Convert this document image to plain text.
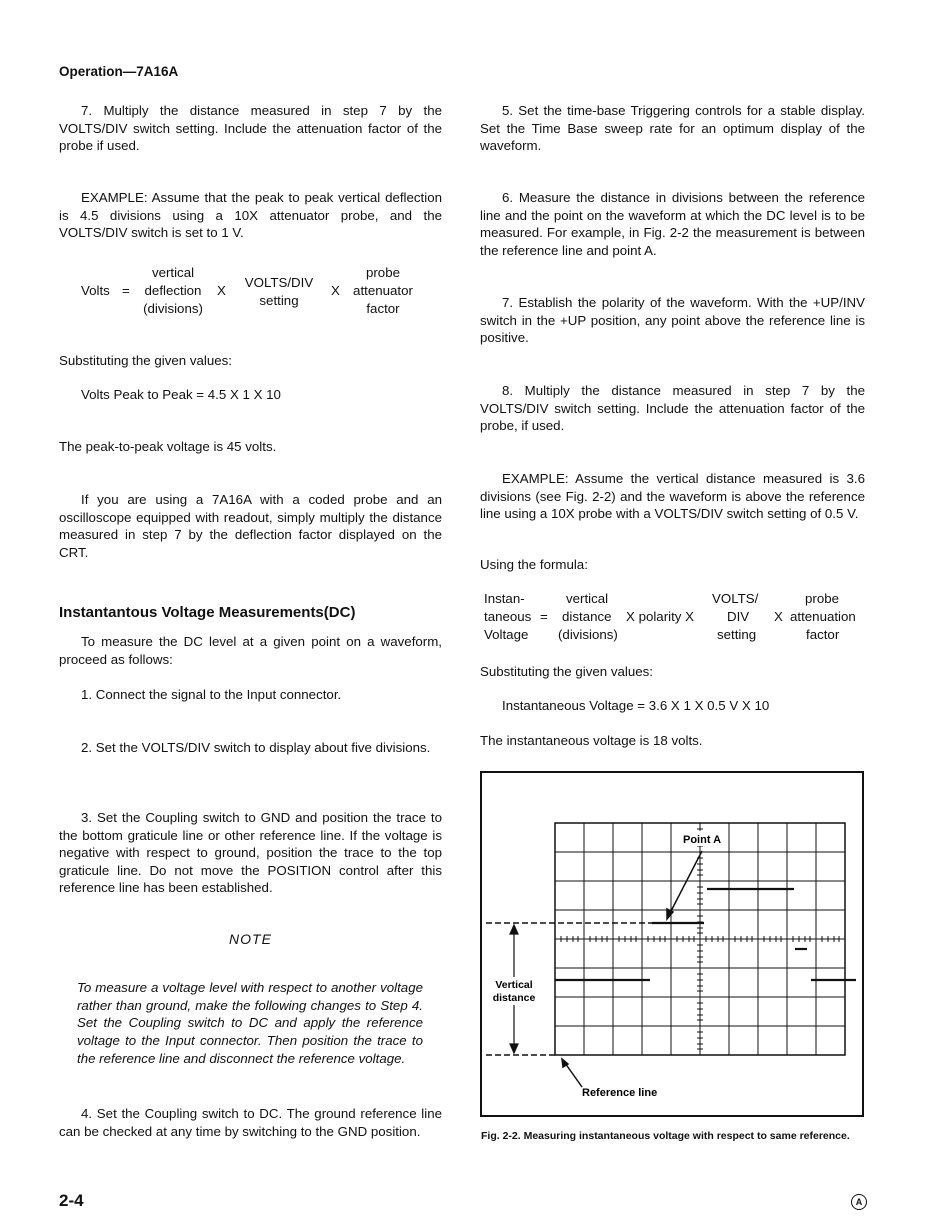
Operation—7A16A

7. Multiply the distance measured in step 7 by the VOLTS/DIV switch setting. Include the attenuation factor of the probe if used.

EXAMPLE: Assume that the peak to peak vertical deflection is 4.5 divisions using a 10X attenuator probe, and the VOLTS/DIV switch is set to 1 V.

Volts =
vertical
deflection
(divisions)
X
VOLTS/DIV
setting
X
probe
attenuator
factor

Substituting the given values:

Volts Peak to Peak = 4.5 X 1 X 10

The peak-to-peak voltage is 45 volts.

If you are using a 7A16A with a coded probe and an oscilloscope equipped with readout, simply multiply the distance measured in step 7 by the deflection factor displayed on the CRT.

Instantantous Voltage Measurements(DC)

To measure the DC level at a given point on a waveform, proceed as follows:

1. Connect the signal to the Input connector.

2. Set the VOLTS/DIV switch to display about five divisions.

3. Set the Coupling switch to GND and position the trace to the bottom graticule line or other reference line. If the voltage is negative with respect to ground, position the trace to the top graticule line. Do not move the POSITION control after this reference line has been established.

NOTE

To measure a voltage level with respect to another voltage rather than ground, make the following changes to Step 4. Set the Coupling switch to DC and apply the reference voltage to the Input connector. Then position the trace to the reference line and disconnect the reference voltage.

4. Set the Coupling switch to DC. The ground reference line can be checked at any time by switching to the GND position.

5. Set the time-base Triggering controls for a stable display. Set the Time Base sweep rate for an optimum display of the waveform.

6. Measure the distance in divisions between the reference line and the point on the waveform at which the DC level is to be measured. For example, in Fig. 2-2 the measurement is between the reference line and point A.

7. Establish the polarity of the waveform. With the +UP/INV switch in the +UP position, any point above the reference line is positive.

8. Multiply the distance measured in step 7 by the VOLTS/DIV switch setting. Include the attenuation factor of the probe, if used.

EXAMPLE: Assume the vertical distance measured is 3.6 divisions (see Fig. 2-2) and the waveform is above the reference line using a 10X probe with a VOLTS/DIV switch setting of 0.5 V.

Using the formula:

Instan-
taneous
Voltage
=
vertical
distance
(divisions)
X polarity X
VOLTS/
DIV
setting
X
probe
attenuation
factor

Substituting the given values:

Instantaneous Voltage = 3.6 X 1 X 0.5 V X 10

The instantaneous voltage is 18 volts.

Point A
Vertical
distance
Reference line
Fig. 2-2. Measuring instantaneous voltage with respect to same reference.
2-4	A
